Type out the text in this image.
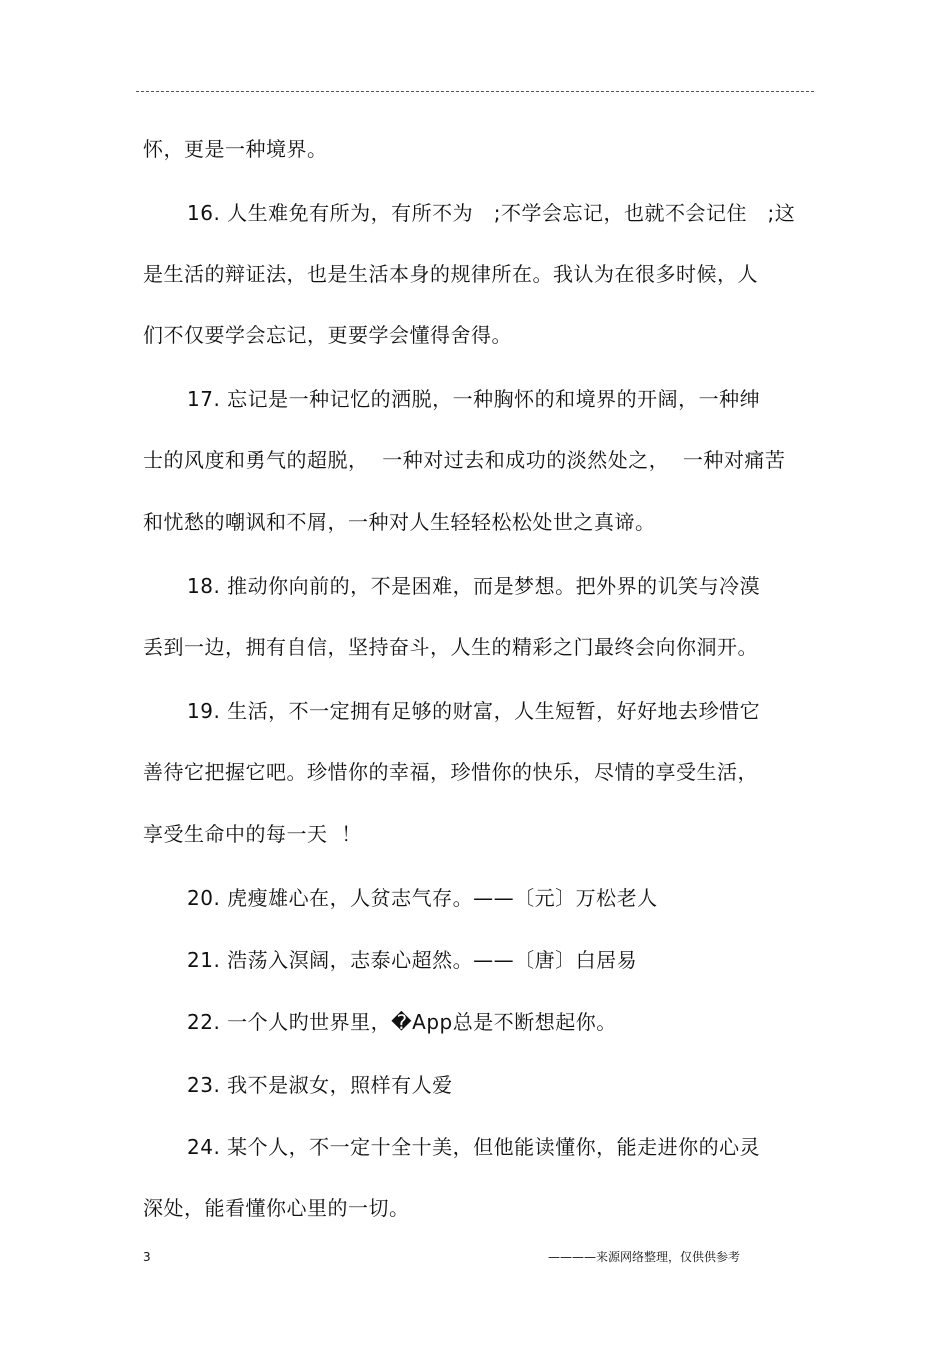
怀，更是一种境界。
16. 人生难免有所为，有所不为   ;不学会忘记，也就不会记住   ;这
是生活的辩证法，也是生活本身的规律所在。我认为在很多时候，人
们不仅要学会忘记，更要学会懂得舍得。
17. 忘记是一种记忆的洒脱，一种胸怀的和境界的开阔，一种绅
士的风度和勇气的超脱，  一种对过去和成功的淡然处之，  一种对痛苦
和忧愁的嘲讽和不屑，一种对人生轻轻松松处世之真谛。
18. 推动你向前的，不是困难，而是梦想。把外界的讥笑与冷漠
丢到一边，拥有自信，坚持奋斗，人生的精彩之门最终会向你洞开。
19. 生活，不一定拥有足够的财富，人生短暂，好好地去珍惜它
善待它把握它吧。珍惜你的幸福，珍惜你的快乐，尽情的享受生活，
享受生命中的每一天  ！
20. 虎瘦雄心在，人贫志气存。——〔元〕万松老人
21. 浩荡入溟阔，志泰心超然。——〔唐〕白居易
22. 一个人旳世界里，�App总是不断想起你。
23. 我不是淑女，照样有人爱
24. 某个人，不一定十全十美，但他能读懂你，能走进你的心灵
深处，能看懂你心里的一切。
3	————来源网络整理，仅供供参考
